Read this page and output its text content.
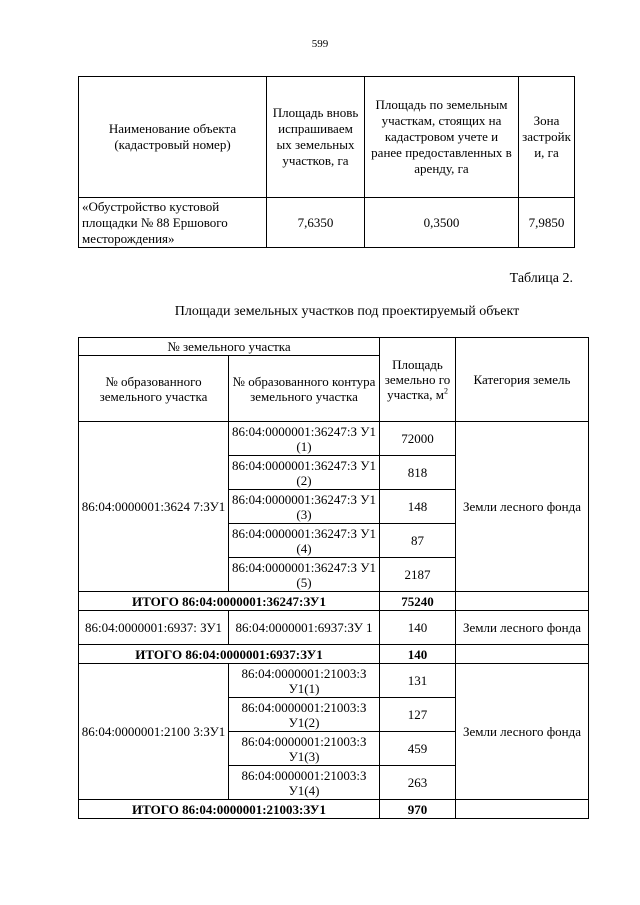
599
Наименование объекта (кадастровый номер)	Площадь вновь испрашиваем ых земельных участков, га	Площадь по земельным участкам, стоящих на кадастровом учете и ранее предоставленных в аренду, га	Зона застройк и, га
«Обустройство кустовой площадки № 88 Ершового месторождения»	7,6350	0,3500	7,9850
Таблица 2.
Площади земельных участков под проектируемый объект
№ земельного участка		Площадь земельно го участка, $м^2$	Категория земель
№ образованного земельного участка	№ образованного контура земельного участка		
86:04:0000001:3624 7:ЗУ1	86:04:0000001:36247:З У1 (1)	72000	Земли лесного фонда
	86:04:0000001:36247:З У1 (2)	818	
	86:04:0000001:36247:З У1 (3)	148	
	86:04:0000001:36247:З У1 (4)	87	
	86:04:0000001:36247:З У1 (5)	2187	
ИТОГО 86:04:0000001:36247:ЗУ1		75240	
86:04:0000001:6937: ЗУ1	86:04:0000001:6937:ЗУ 1	140	Земли лесного фонда
ИТОГО 86:04:0000001:6937:ЗУ1		140	
86:04:0000001:2100 3:ЗУ1	86:04:0000001:21003:З У1(1)	131	Земли лесного фонда
	86:04:0000001:21003:З У1(2)	127	
	86:04:0000001:21003:З У1(3)	459	
	86:04:0000001:21003:З У1(4)	263	
ИТОГО 86:04:0000001:21003:ЗУ1		970	
